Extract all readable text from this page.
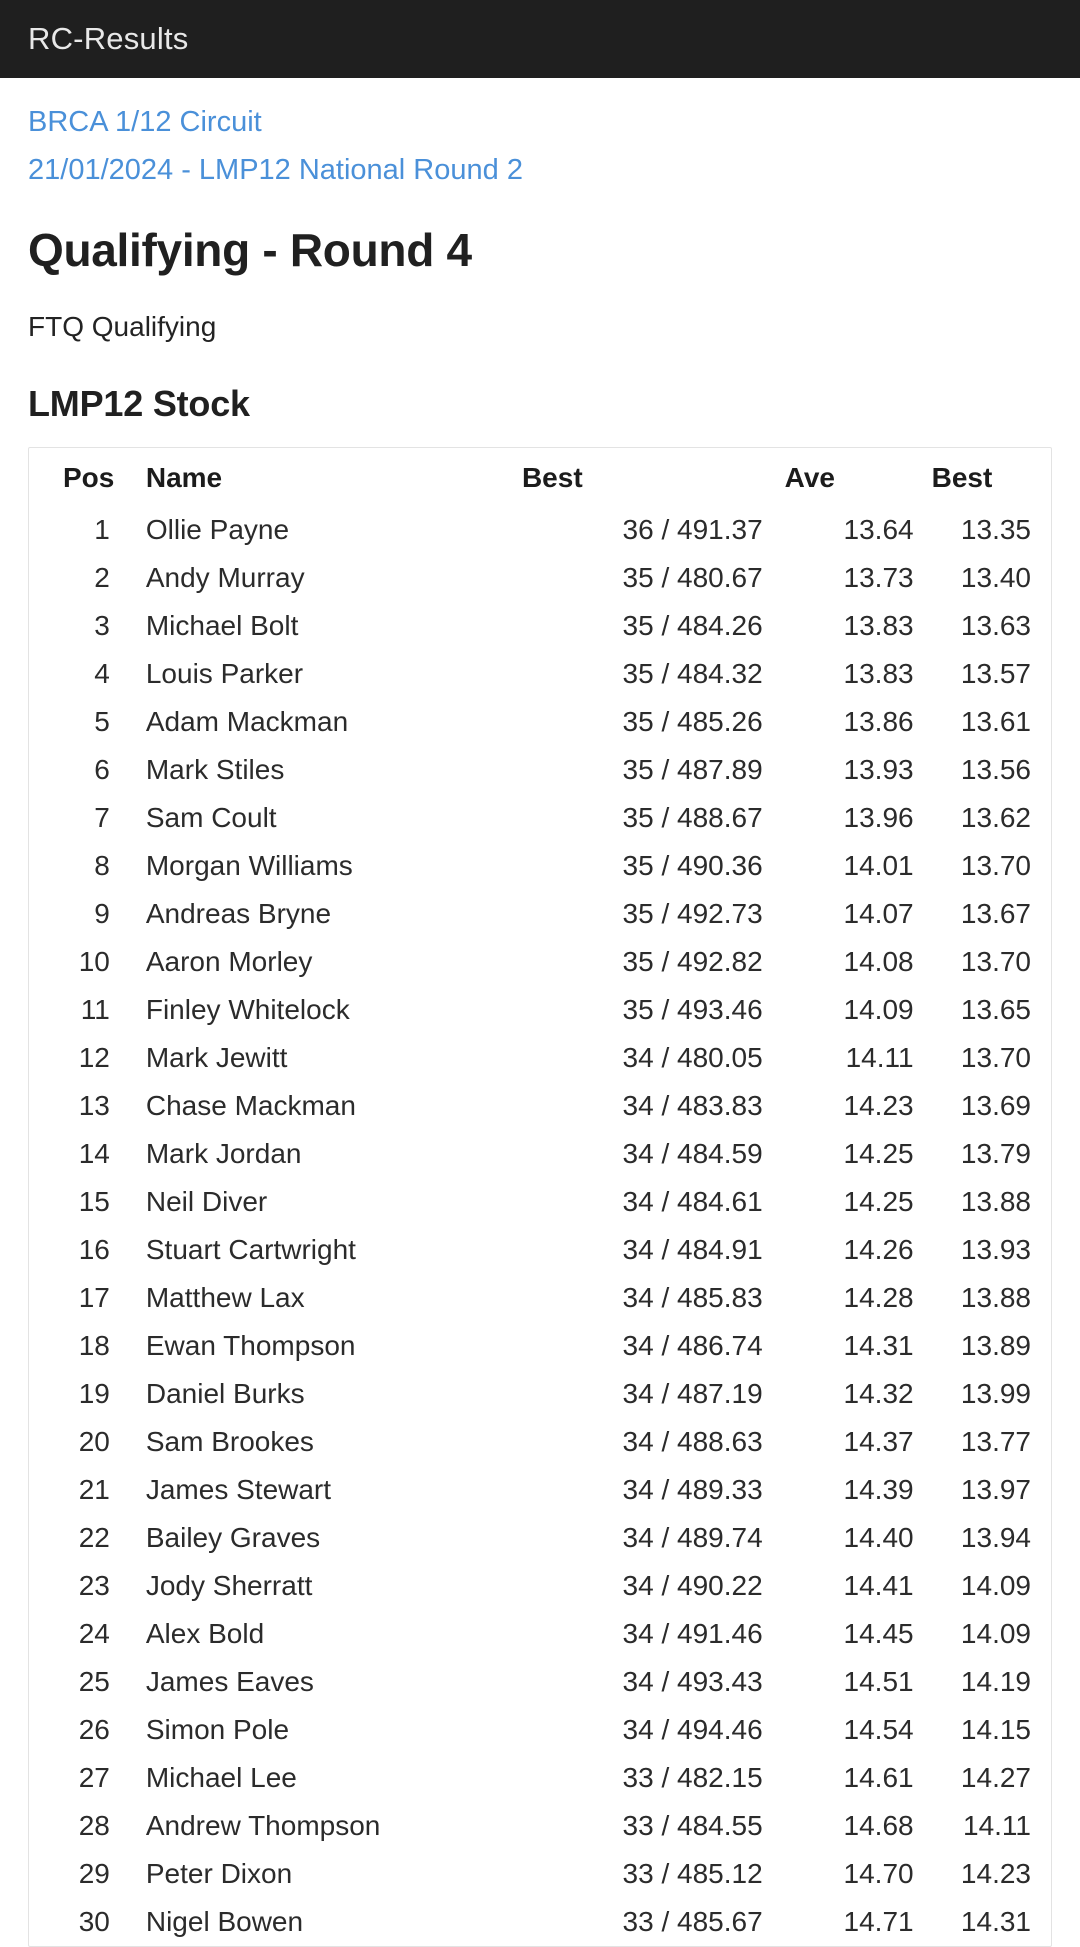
RC-Results
BRCA 1/12 Circuit
21/01/2024 - LMP12 National Round 2
Qualifying - Round 4
FTQ Qualifying
LMP12 Stock
Pos	Name	Best	Ave	Best
1	Ollie Payne	36 / 491.37	13.64	13.35
2	Andy Murray	35 / 480.67	13.73	13.40
3	Michael Bolt	35 / 484.26	13.83	13.63
4	Louis Parker	35 / 484.32	13.83	13.57
5	Adam Mackman	35 / 485.26	13.86	13.61
6	Mark Stiles	35 / 487.89	13.93	13.56
7	Sam Coult	35 / 488.67	13.96	13.62
8	Morgan Williams	35 / 490.36	14.01	13.70
9	Andreas Bryne	35 / 492.73	14.07	13.67
10	Aaron Morley	35 / 492.82	14.08	13.70
11	Finley Whitelock	35 / 493.46	14.09	13.65
12	Mark Jewitt	34 / 480.05	14.11	13.70
13	Chase Mackman	34 / 483.83	14.23	13.69
14	Mark Jordan	34 / 484.59	14.25	13.79
15	Neil Diver	34 / 484.61	14.25	13.88
16	Stuart Cartwright	34 / 484.91	14.26	13.93
17	Matthew Lax	34 / 485.83	14.28	13.88
18	Ewan Thompson	34 / 486.74	14.31	13.89
19	Daniel Burks	34 / 487.19	14.32	13.99
20	Sam Brookes	34 / 488.63	14.37	13.77
21	James Stewart	34 / 489.33	14.39	13.97
22	Bailey Graves	34 / 489.74	14.40	13.94
23	Jody Sherratt	34 / 490.22	14.41	14.09
24	Alex Bold	34 / 491.46	14.45	14.09
25	James Eaves	34 / 493.43	14.51	14.19
26	Simon Pole	34 / 494.46	14.54	14.15
27	Michael Lee	33 / 482.15	14.61	14.27
28	Andrew Thompson	33 / 484.55	14.68	14.11
29	Peter Dixon	33 / 485.12	14.70	14.23
30	Nigel Bowen	33 / 485.67	14.71	14.31
